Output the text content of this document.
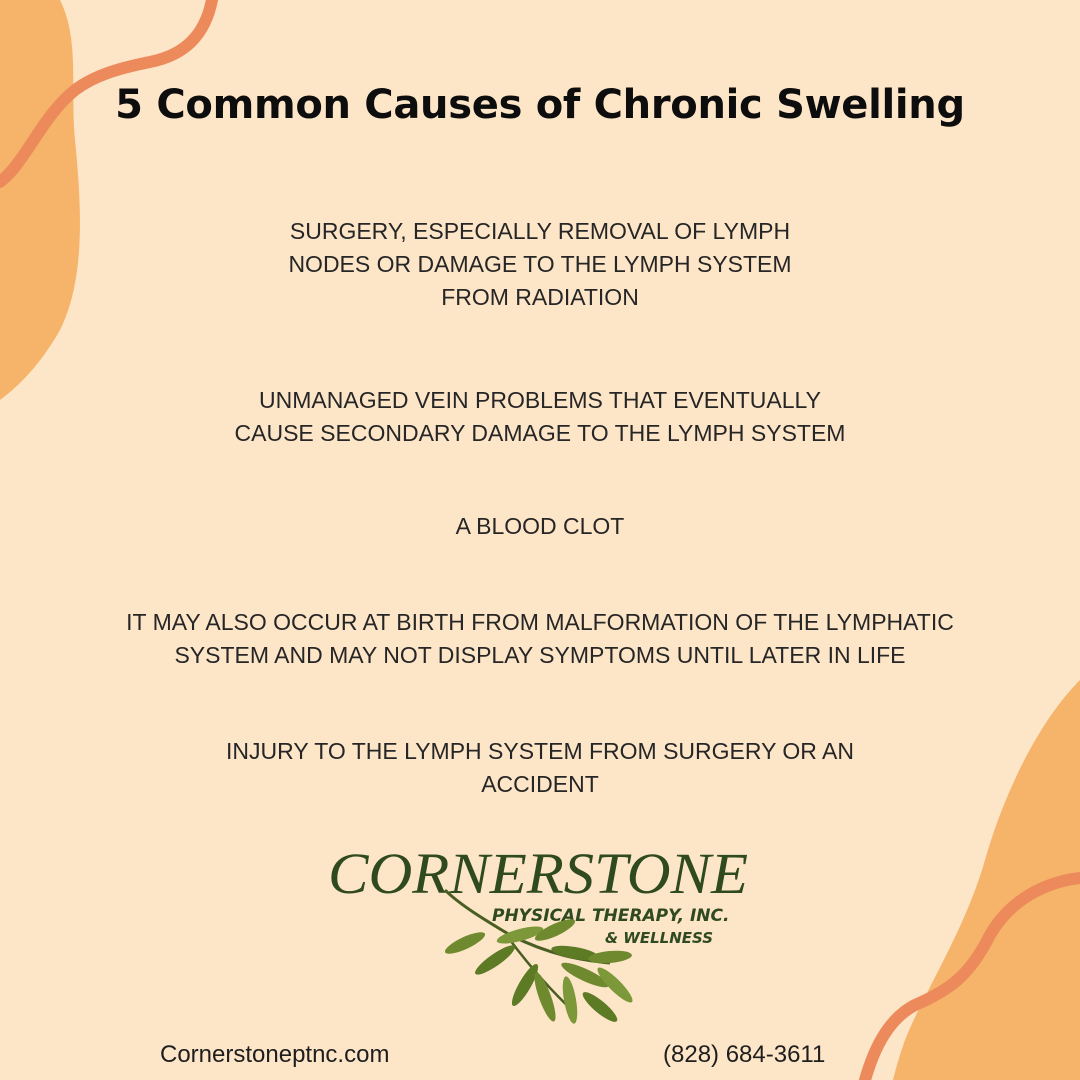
5 Common Causes of Chronic Swelling

SURGERY, ESPECIALLY REMOVAL OF LYMPH
NODES OR DAMAGE TO THE LYMPH SYSTEM
FROM RADIATION

UNMANAGED VEIN PROBLEMS THAT EVENTUALLY
CAUSE SECONDARY DAMAGE TO THE LYMPH SYSTEM

A BLOOD CLOT

IT MAY ALSO OCCUR AT BIRTH FROM MALFORMATION OF THE LYMPHATIC
SYSTEM AND MAY NOT DISPLAY SYMPTOMS UNTIL LATER IN LIFE

INJURY TO THE LYMPH SYSTEM FROM SURGERY OR AN
ACCIDENT

CORNERSTONE
PHYSICAL THERAPY, INC.
& WELLNESS
Cornerstoneptnc.com	(828) 684-3611
